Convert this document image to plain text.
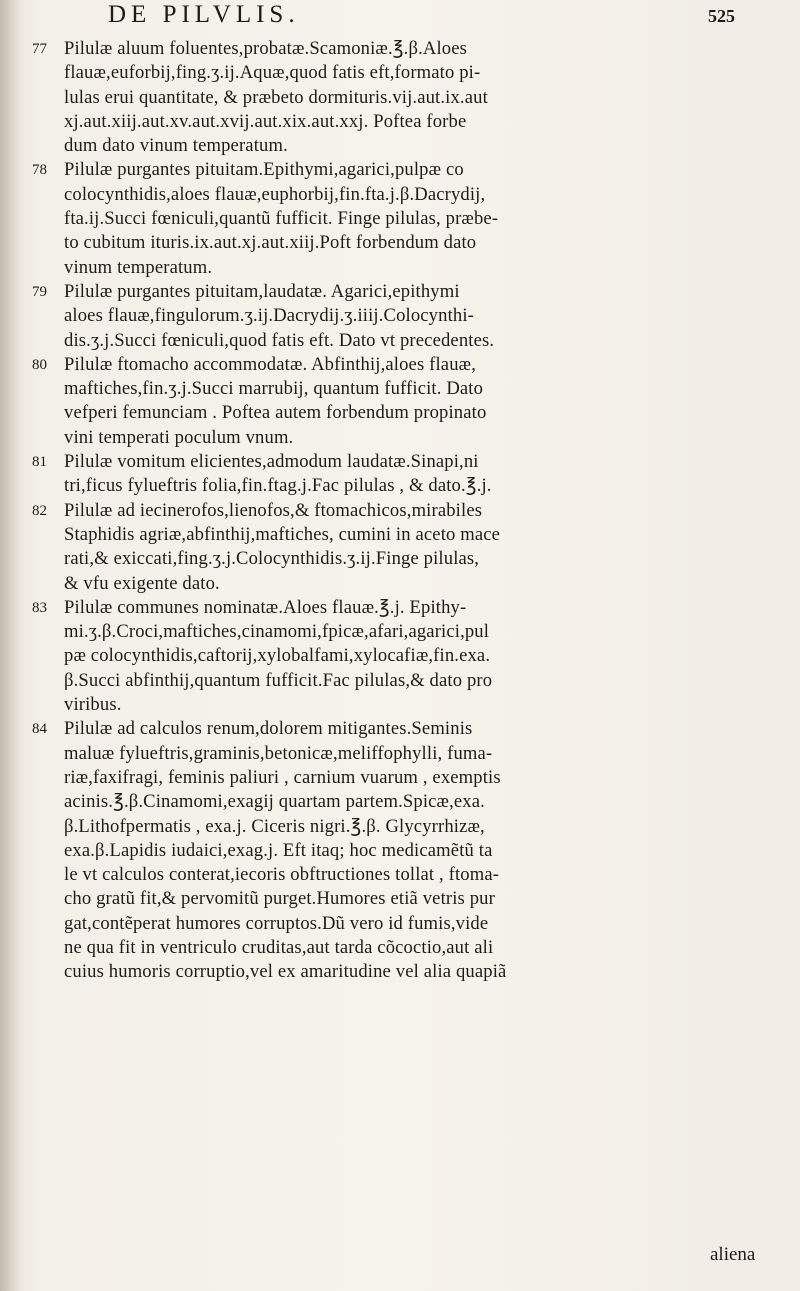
DE PILVLIS.	525
77 Pilulæ aluum foluentes,probatæ.Scamoniæ.℥.β.Aloes
flauæ,euforbij,fing.ʒ.ij.Aquæ,quod fatis eft,formato pi-
lulas erui quantitate, & præbeto dormituris.vij.aut.ix.aut
xj.aut.xiij.aut.xv.aut.xvij.aut.xix.aut.xxj. Poftea forbe
dum dato vinum temperatum.
78 Pilulæ purgantes pituitam.Epithymi,agarici,pulpæ co
colocynthidis,aloes flauæ,euphorbij,fin.fta.j.β.Dacrydij,
fta.ij.Succi fœniculi,quantũ fufficit. Finge pilulas, præbe-
to cubitum ituris.ix.aut.xj.aut.xiij.Poft forbendum dato
vinum temperatum.
79 Pilulæ purgantes pituitam,laudatæ. Agarici,epithymi
aloes flauæ,fingulorum.ʒ.ij.Dacrydij.ʒ.iiij.Colocynthi-
dis.ʒ.j.Succi fœniculi,quod fatis eft. Dato vt precedentes.
80 Pilulæ ftomacho accommodatæ. Abfinthij,aloes flauæ,
maftiches,fin.ʒ.j.Succi marrubij, quantum fufficit. Dato
vefperi femunciam . Poftea autem forbendum propinato
vini temperati poculum vnum.
81 Pilulæ vomitum elicientes,admodum laudatæ.Sinapi,ni
tri,ficus fylueftris folia,fin.ftag.j.Fac pilulas , & dato.℥.j.
82 Pilulæ ad iecinerofos,lienofos,& ftomachicos,mirabiles
Staphidis agriæ,abfinthij,maftiches, cumini in aceto mace
rati,& exiccati,fing.ʒ.j.Colocynthidis.ʒ.ij.Finge pilulas,
& vfu exigente dato.
83 Pilulæ communes nominatæ.Aloes flauæ.℥.j. Epithy-
mi.ʒ.β.Croci,maftiches,cinamomi,fpicæ,afari,agarici,pul
pæ colocynthidis,caftorij,xylobalfami,xylocafiæ,fin.exa.
β.Succi abfinthij,quantum fufficit.Fac pilulas,& dato pro
viribus.
84 Pilulæ ad calculos renum,dolorem mitigantes.Seminis
maluæ fylueftris,graminis,betonicæ,meliffophylli, fuma-
riæ,faxifragi, feminis paliuri , carnium vuarum , exemptis
acinis.℥.β.Cinamomi,exagij quartam partem.Spicæ,exa.
β.Lithofpermatis , exa.j. Ciceris nigri.℥.β. Glycyrrhizæ,
exa.β.Lapidis iudaici,exag.j. Eft itaq; hoc medicamẽtũ ta
le vt calculos conterat,iecoris obftructiones tollat , ftoma-
cho gratũ fit,& pervomitũ purget.Humores etiã vetris pur
gat,contẽperat humores corruptos.Dũ vero id fumis,vide
ne qua fit in ventriculo cruditas,aut tarda cõcoctio,aut ali
cuius humoris corruptio,vel ex amaritudine vel alia quapiã
aliena
